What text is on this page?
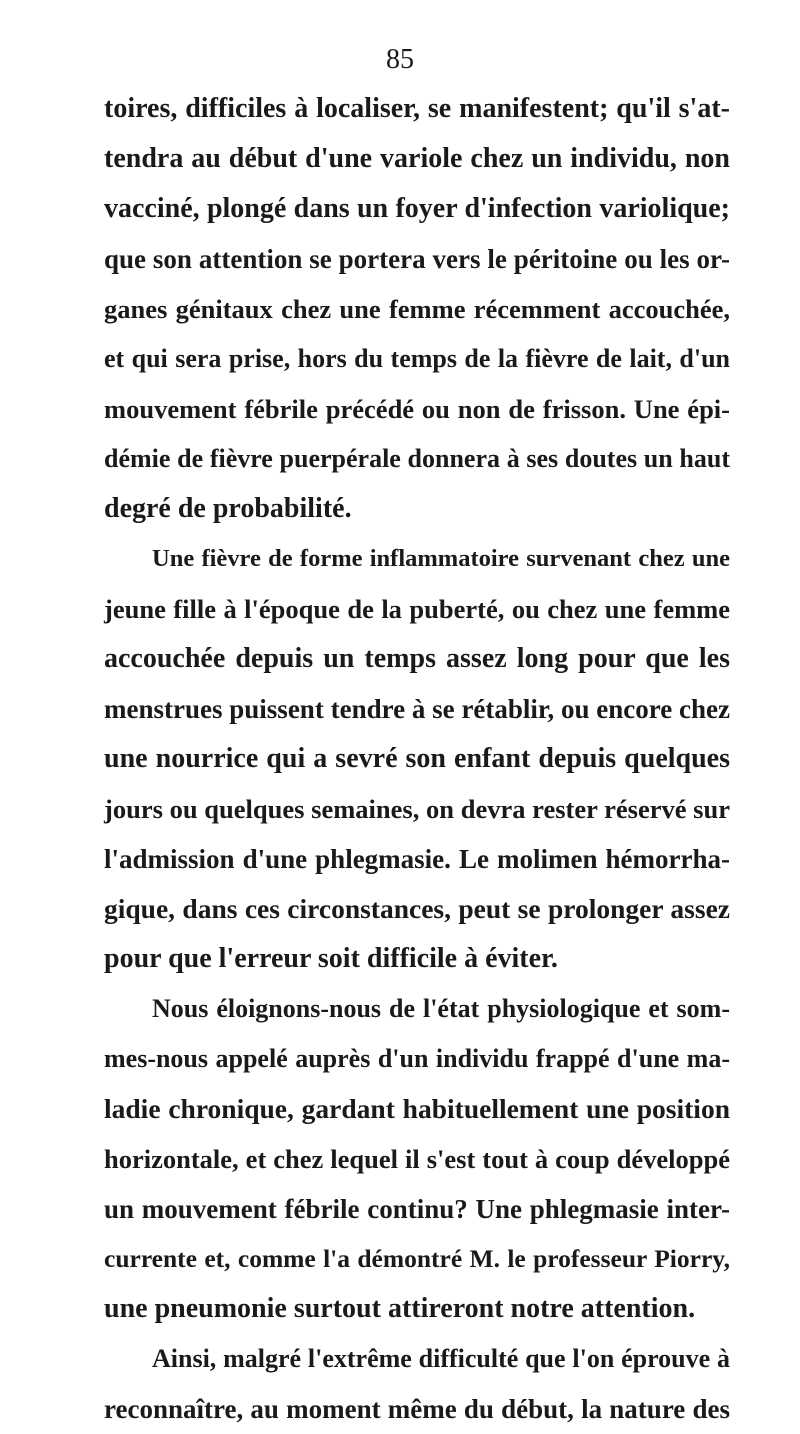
85
toires, difficiles à localiser, se manifestent; qu'il s'at-
tendra au début d'une variole chez un individu, non
vacciné, plongé dans un foyer d'infection variolique;
que son attention se portera vers le péritoine ou les or-
ganes génitaux chez une femme récemment accouchée,
et qui sera prise, hors du temps de la fièvre de lait, d'un
mouvement fébrile précédé ou non de frisson. Une épi-
démie de fièvre puerpérale donnera à ses doutes un haut
degré de probabilité.
Une fièvre de forme inflammatoire survenant chez une
jeune fille à l'époque de la puberté, ou chez une femme
accouchée depuis un temps assez long pour que les
menstrues puissent tendre à se rétablir, ou encore chez
une nourrice qui a sevré son enfant depuis quelques
jours ou quelques semaines, on devra rester réservé sur
l'admission d'une phlegmasie. Le molimen hémorrha-
gique, dans ces circonstances, peut se prolonger assez
pour que l'erreur soit difficile à éviter.
Nous éloignons-nous de l'état physiologique et som-
mes-nous appelé auprès d'un individu frappé d'une ma-
ladie chronique, gardant habituellement une position
horizontale, et chez lequel il s'est tout à coup développé
un mouvement fébrile continu? Une phlegmasie inter-
currente et, comme l'a démontré M. le professeur Piorry,
une pneumonie surtout attireront notre attention.
Ainsi, malgré l'extrême difficulté que l'on éprouve à
reconnaître, au moment même du début, la nature des
